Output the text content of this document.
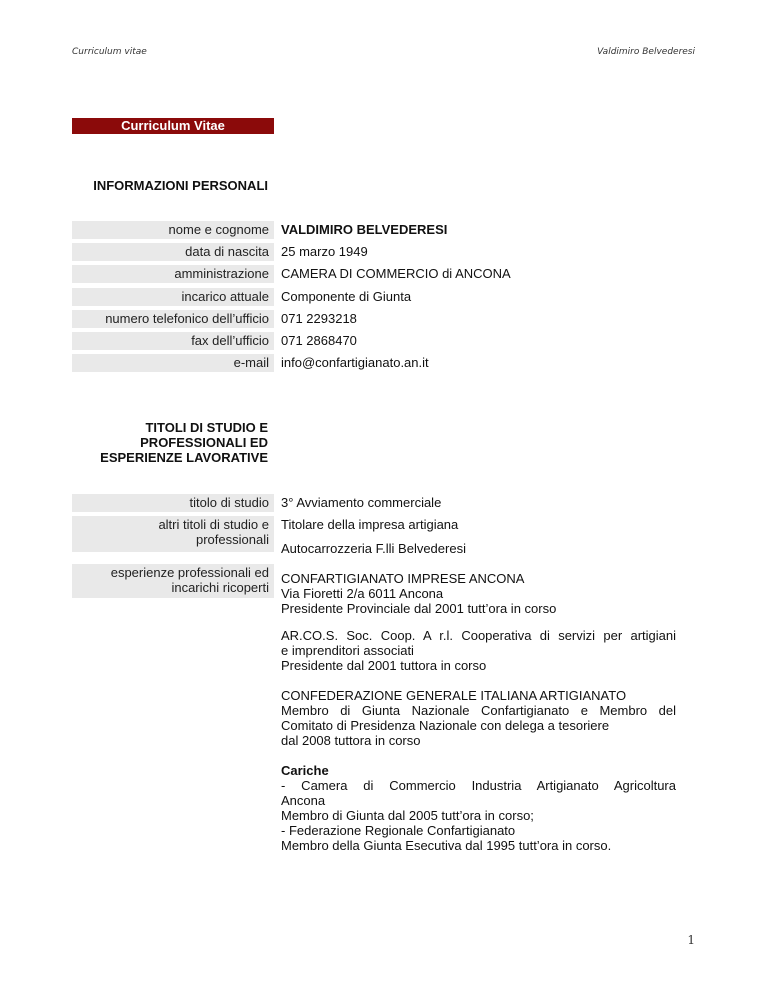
Curriculum vitae	Valdimiro Belvederesi
Curriculum Vitae
INFORMAZIONI PERSONALI
nome e cognome VALDIMIRO BELVEDERESI
data di nascita 25 marzo 1949
amministrazione CAMERA DI COMMERCIO di ANCONA
incarico attuale Componente di Giunta
numero telefonico dell’ufficio 071 2293218
fax dell’ufficio 071 2868470
e-mail info@confartigianato.an.it
TITOLI DI STUDIO E
PROFESSIONALI ED
ESPERIENZE LAVORATIVE
titolo di studio 3° Avviamento commerciale
altri titoli di studio e
professionali
Titolare della impresa artigiana
Autocarrozzeria F.lli Belvederesi
esperienze professionali ed
incarichi ricoperti
CONFARTIGIANATO IMPRESE ANCONA
Via Fioretti 2/a 6011 Ancona
Presidente Provinciale dal 2001 tutt’ora in corso
AR.CO.S. Soc. Coop. A r.l. Cooperativa di servizi per artigiani
e imprenditori associati
Presidente dal 2001 tuttora in corso
CONFEDERAZIONE GENERALE ITALIANA ARTIGIANATO
Membro di Giunta Nazionale Confartigianato e Membro del
Comitato di Presidenza Nazionale con delega a tesoriere
dal 2008 tuttora in corso
Cariche
- Camera di Commercio Industria Artigianato Agricoltura
Ancona
Membro di Giunta dal 2005 tutt’ora in corso;
- Federazione Regionale Confartigianato
Membro della Giunta Esecutiva dal 1995 tutt’ora in corso.
1
